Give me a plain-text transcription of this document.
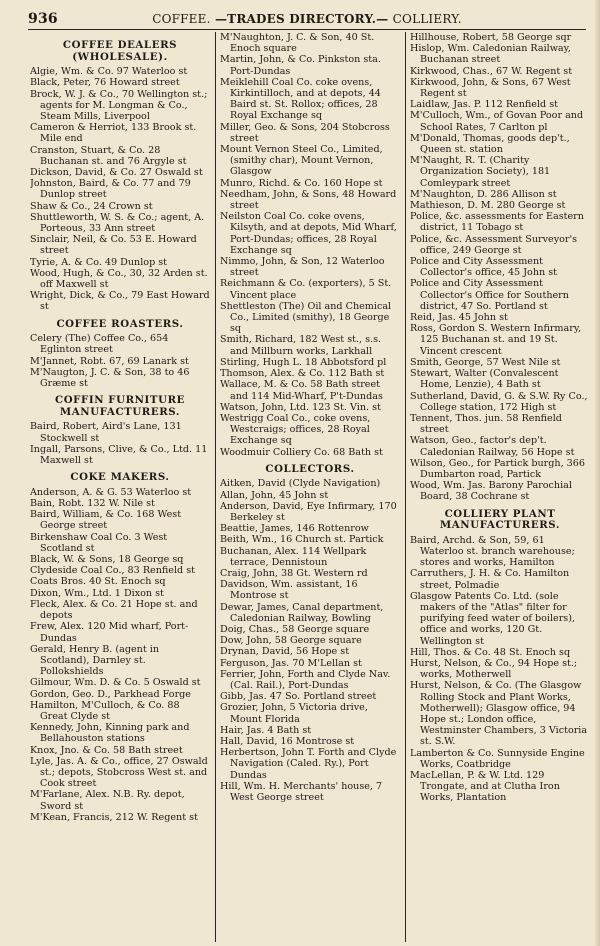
936	COFFEE. —TRADES DIRECTORY.— COLLIERY.
COFFEE DEALERS (WHOLESALE).

Algie, Wm. & Co. 97 Waterloo st

Black, Peter, 76 Howard street

Brock, W. J. & Co., 70 Wellington st.; agents for M. Longman & Co., Steam Mills, Liverpool

Cameron & Herriot, 133 Brook st. Mile end

Cranston, Stuart, & Co. 28 Buchanan st. and 76 Argyle st

Dickson, David, & Co. 27 Oswald st

Johnston, Baird, & Co. 77 and 79 Dunlop street

Shaw & Co., 24 Crown st

Shuttleworth, W. S. & Co.; agent, A. Porteous, 33 Ann street

Sinclair, Neil, & Co. 53 E. Howard street

Tyrie, A. & Co. 49 Dunlop st

Wood, Hugh, & Co., 30, 32 Arden st. off Maxwell st

Wright, Dick, & Co., 79 East Howard st

COFFEE ROASTERS.

Celery (The) Coffee Co., 654 Eglinton street

M'Jannet, Robt. 67, 69 Lanark st

M'Naugton, J. C. & Son, 38 to 46 Græme st

COFFIN FURNITURE MANUFACTURERS.

Baird, Robert, Aird's Lane, 131 Stockwell st

Ingall, Parsons, Clive, & Co., Ltd. 11 Maxwell st

COKE MAKERS.

Anderson, A. & G. 53 Waterloo st

Bain, Robt. 132 W. Nile st

Baird, William, & Co. 168 West George street

Birkenshaw Coal Co. 3 West Scotland st

Black, W. & Sons, 18 George sq

Clydeside Coal Co., 83 Renfield st

Coats Bros. 40 St. Enoch sq

Dixon, Wm., Ltd. 1 Dixon st

Fleck, Alex. & Co. 21 Hope st. and depots

Frew, Alex. 120 Mid wharf, Port-Dundas

Gerald, Henry B. (agent in Scotland), Darnley st. Pollokshields

Gilmour, Wm. D. & Co. 5 Oswald st

Gordon, Geo. D., Parkhead Forge

Hamilton, M'Culloch, & Co. 88 Great Clyde st

Kennedy, John, Kinning park and Bellahouston stations

Knox, Jno. & Co. 58 Bath street

Lyle, Jas. A. & Co., office, 27 Oswald st.; depots, Stobcross West st. and Cook street

M'Farlane, Alex. N.B. Ry. depot, Sword st

M'Kean, Francis, 212 W. Regent st

M'Naughton, J. C. & Son, 40 St. Enoch square

Martin, John, & Co. Pinkston sta. Port-Dundas

Meiklehill Coal Co. coke ovens, Kirkintilloch, and at depots, 44 Baird st. St. Rollox; offices, 28 Royal Exchange sq

Miller, Geo. & Sons, 204 Stobcross street

Mount Vernon Steel Co., Limited, (smithy char), Mount Vernon, Glasgow

Munro, Richd. & Co. 160 Hope st

Needham, John, & Sons, 48 Howard street

Neilston Coal Co. coke ovens, Kilsyth, and at depots, Mid Wharf, Port-Dundas; offices, 28 Royal Exchange sq

Nimmo, John, & Son, 12 Waterloo street

Reichmann & Co. (exporters), 5 St. Vincent place

Shettleston (The) Oil and Chemical Co., Limited (smithy), 18 George sq

Smith, Richard, 182 West st., s.s. and Millburn works, Larkhall

Stirling, Hugh L. 18 Abbotsford pl

Thomson, Alex. & Co. 112 Bath st

Wallace, M. & Co. 58 Bath street and 114 Mid-Wharf, P't-Dundas

Watson, John, Ltd. 123 St. Vin. st

Westrigg Coal Co., coke ovens, Westcraigs; offices, 28 Royal Exchange sq

Woodmuir Colliery Co. 68 Bath st

COLLECTORS.

Aitken, David (Clyde Navigation)

Allan, John, 45 John st

Anderson, David, Eye Infirmary, 170 Berkeley st

Beattie, James, 146 Rottenrow

Beith, Wm., 16 Church st. Partick

Buchanan, Alex. 114 Wellpark terrace, Dennistoun

Craig, John, 38 Gt. Western rd

Davidson, Wm. assistant, 16 Montrose st

Dewar, James, Canal department, Caledonian Railway, Bowling

Doig, Chas., 58 George square

Dow, John, 58 George square

Drynan, David, 56 Hope st

Ferguson, Jas. 70 M'Lellan st

Ferrier, John, Forth and Clyde Nav. (Cal. Rail.), Port-Dundas

Gibb, Jas. 47 So. Portland street

Grozier, John, 5 Victoria drive, Mount Florida

Hair, Jas. 4 Bath st

Hall, David, 16 Montrose st

Herbertson, John T. Forth and Clyde Navigation (Caled. Ry.), Port Dundas

Hill, Wm. H. Merchants' house, 7 West George street

Hillhouse, Robert, 58 George sqr

Hislop, Wm. Caledonian Railway, Buchanan street

Kirkwood, Chas., 67 W. Regent st

Kirkwood, John, & Sons, 67 West Regent st

Laidlaw, Jas. P. 112 Renfield st

M'Culloch, Wm., of Govan Poor and School Rates, 7 Carlton pl

M'Donald, Thomas, goods dep't., Queen st. station

M'Naught, R. T. (Charity Organization Society), 181 Comleypark street

M'Naughton, D. 286 Allison st

Mathieson, D. M. 280 George st

Police, &c. assessments for Eastern district, 11 Tobago st

Police, &c. Assessment Surveyor's office, 249 George st

Police and City Assessment Collector's office, 45 John st

Police and City Assessment Collector's Office for Southern district, 47 So. Portland st

Reid, Jas. 45 John st

Ross, Gordon S. Western Infirmary, 125 Buchanan st. and 19 St. Vincent crescent

Smith, George, 57 West Nile st

Stewart, Walter (Convalescent Home, Lenzie), 4 Bath st

Sutherland, David, G. & S.W. Ry Co., College station, 172 High st

Tennent, Thos. jun. 58 Renfield street

Watson, Geo., factor's dep't. Caledonian Railway, 56 Hope st

Wilson, Geo., for Partick burgh, 366 Dumbarton road, Partick

Wood, Wm. Jas. Barony Parochial Board, 38 Cochrane st

COLLIERY PLANT MANUFACTURERS.

Baird, Archd. & Son, 59, 61 Waterloo st. branch warehouse; stores and works, Hamilton

Carruthers, J. H. & Co. Hamilton street, Polmadie

Glasgow Patents Co. Ltd. (sole makers of the "Atlas" filter for purifying feed water of boilers), office and works, 120 Gt. Wellington st

Hill, Thos. & Co. 48 St. Enoch sq

Hurst, Nelson, & Co., 94 Hope st.; works, Motherwell

Hurst, Nelson, & Co. (The Glasgow Rolling Stock and Plant Works, Motherwell); Glasgow office, 94 Hope st.; London office, Westminster Chambers, 3 Victoria st. S.W.

Lamberton & Co. Sunnyside Engine Works, Coatbridge

MacLellan, P. & W. Ltd. 129 Trongate, and at Clutha Iron Works, Plantation
